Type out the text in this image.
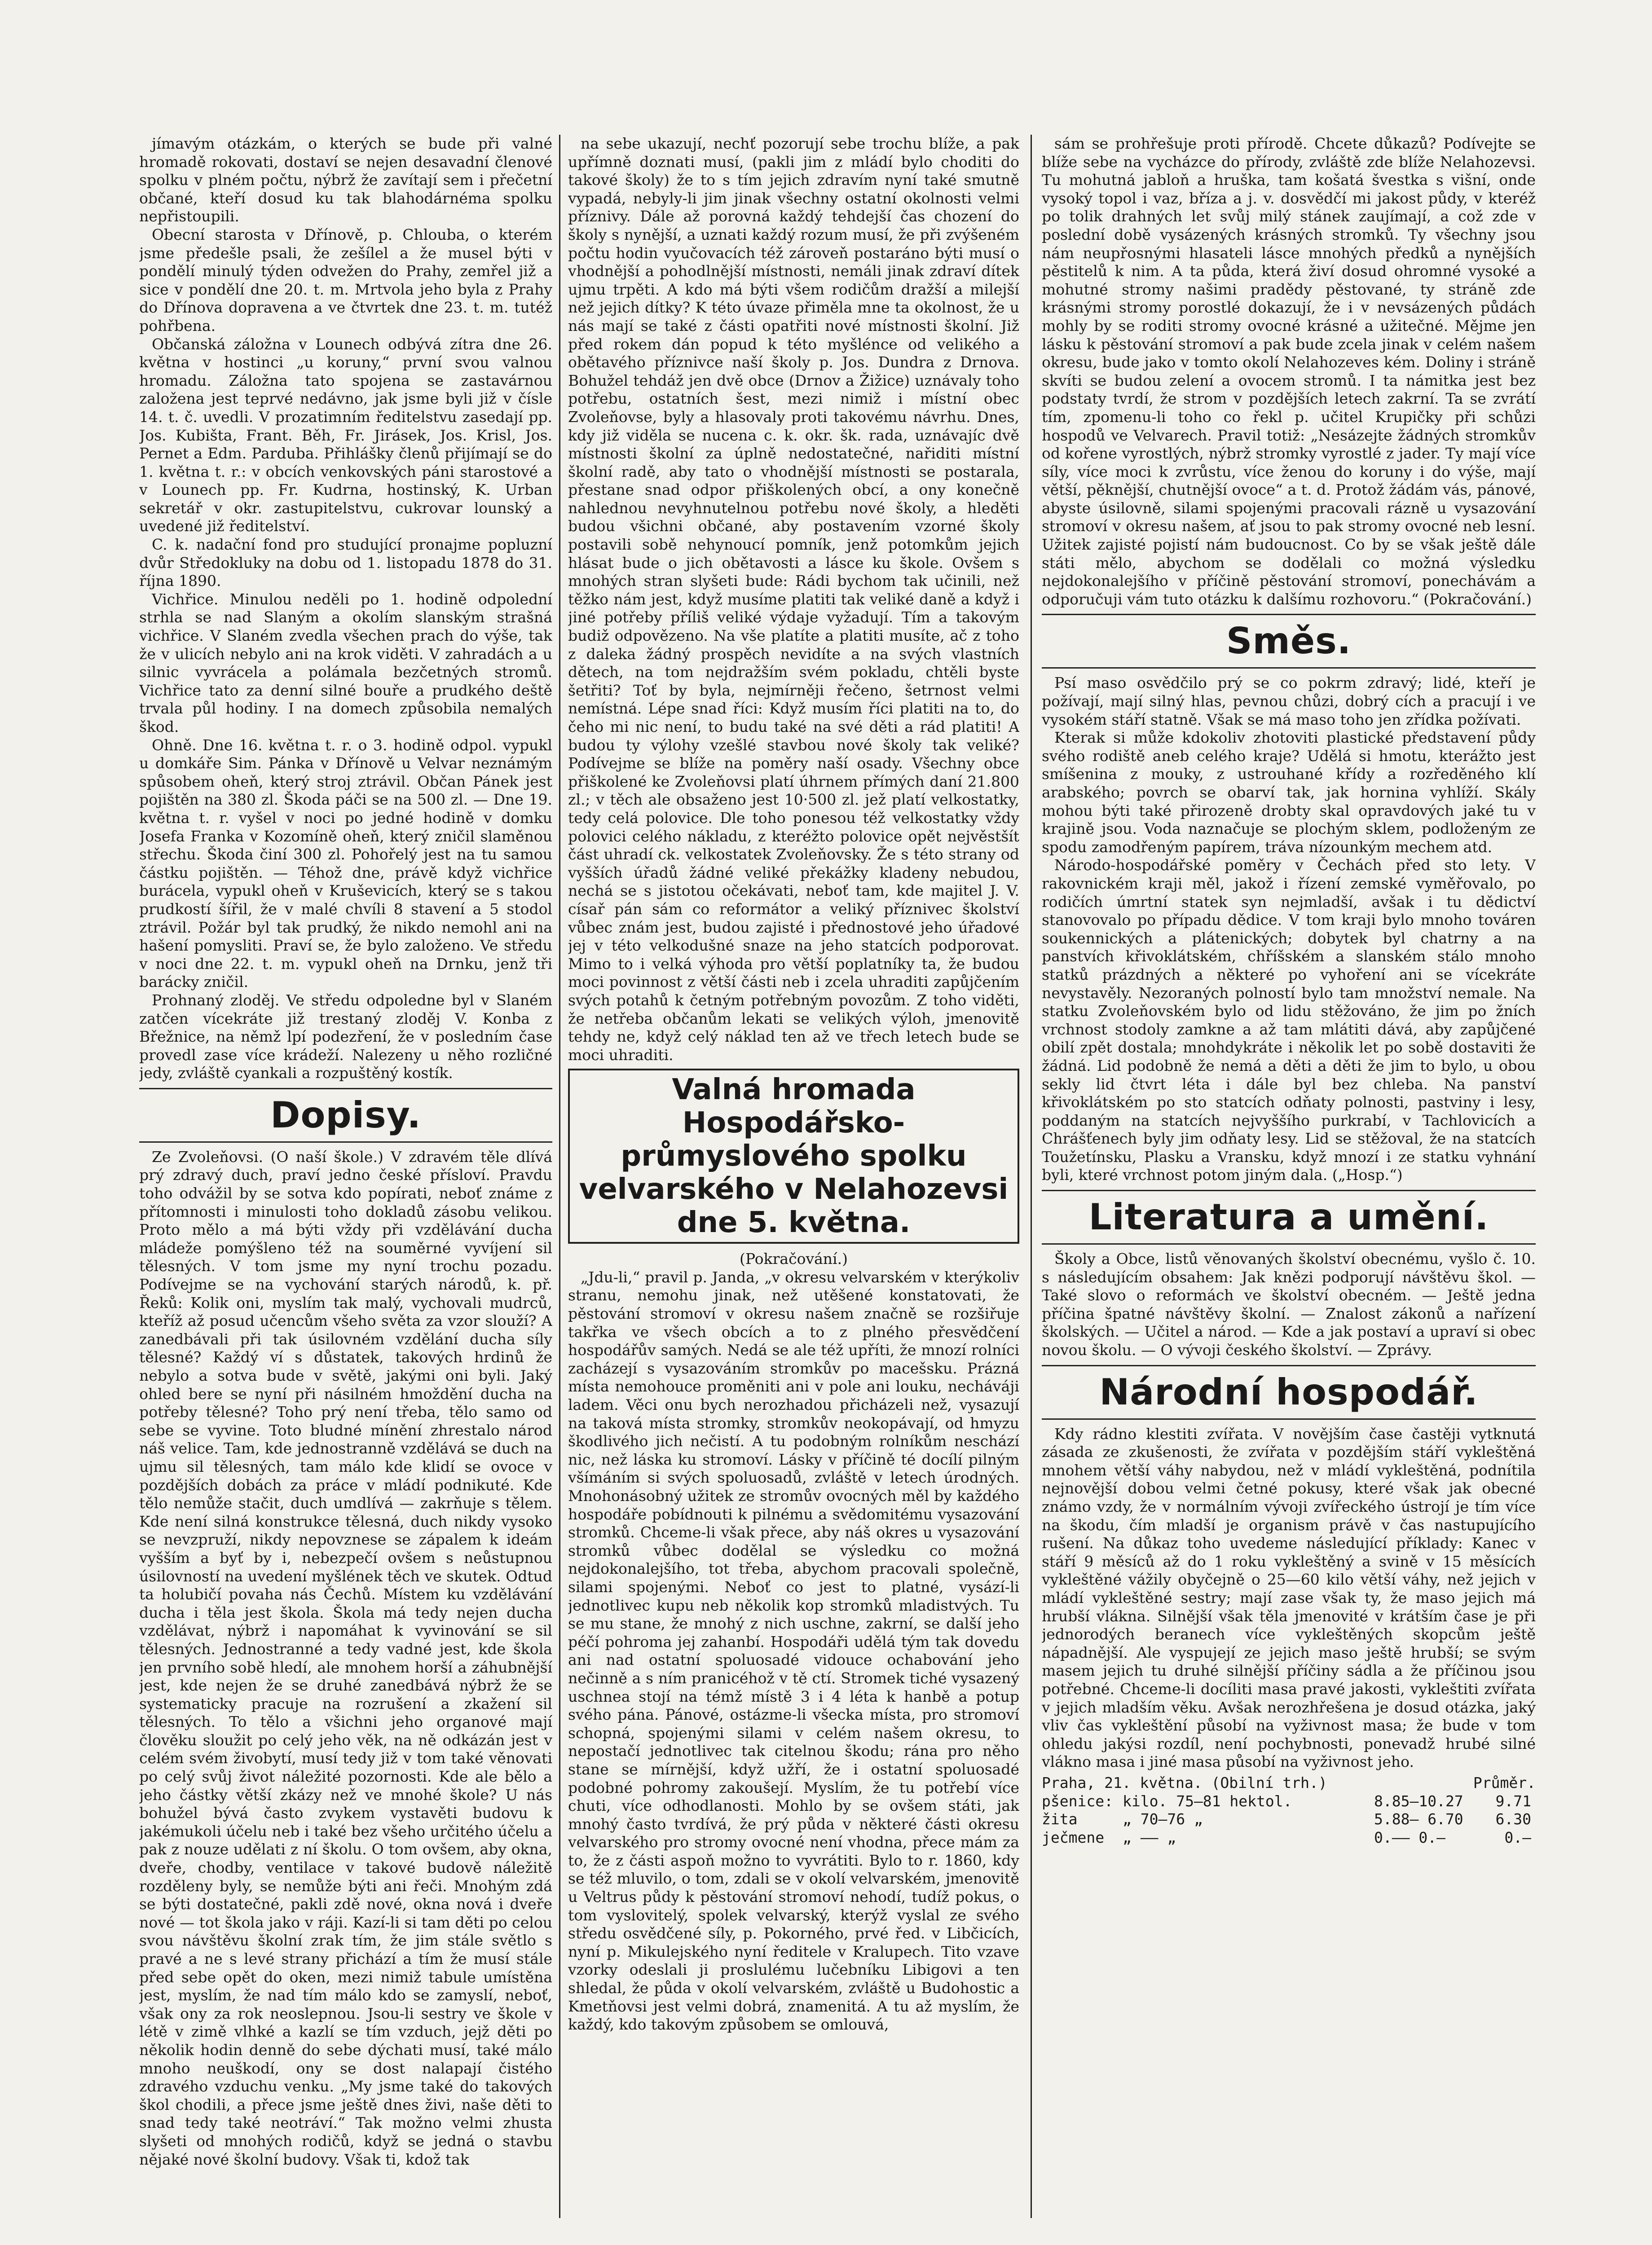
jímavým otázkám, o kterých se bude při valné hromadě rokovati, dostaví se nejen desavadní členové spolku v plném počtu, nýbrž že zavítají sem i přečetní občané, kteří dosud ku tak blahodárnéma spolku nepřistoupili.

Obecní starosta v Dřínově, p. Chlouba, o kterém jsme předešle psali, že zešílel a že musel býti v pondělí minulý týden odvežen do Prahy, zemřel již a sice v pondělí dne 20. t. m. Mrtvola jeho byla z Prahy do Dřínova dopravena a ve čtvrtek dne 23. t. m. tutéž pohřbena.

Občanská záložna v Lounech odbývá zítra dne 26. května v hostinci „u koruny,“ první svou valnou hromadu. Záložna tato spojena se zastavárnou založena jest teprvé nedávno, jak jsme byli již v čísle 14. t. č. uvedli. V prozatimním ředitelstvu zasedají pp. Jos. Kubišta, Frant. Běh, Fr. Jirásek, Jos. Krisl, Jos. Pernet a Edm. Parduba. Přihlášky členů přijímají se do 1. května t. r.: v obcích venkovských páni starostové a v Lounech pp. Fr. Kudrna, hostinský, K. Urban sekretář v okr. zastupitelstvu, cukrovar lounský a uvedené již ředitelství.

C. k. nadační fond pro studující pronajme popluzní dvůr Středokluky na dobu od 1. listopadu 1878 do 31. října 1890.

Vichřice. Minulou neděli po 1. hodině odpolední strhla se nad Slaným a okolím slanským strašná vichřice. V Slaném zvedla všechen prach do výše, tak že v ulicích nebylo ani na krok viděti. V zahradách a u silnic vyvrácela a polámala bezčetných stromů. Vichřice tato za denní silné bouře a prudkého deště trvala půl hodiny. I na domech způsobila nemalých škod.

Ohně. Dne 16. května t. r. o 3. hodině odpol. vypukl u domkáře Sim. Pánka v Dřínově u Velvar neznámým spůsobem oheň, který stroj ztrávil. Občan Pánek jest pojištěn na 380 zl. Škoda páči se na 500 zl. — Dne 19. května t. r. vyšel v noci po jedné hodině v domku Josefa Franka v Kozomíně oheň, který zničil slaměnou střechu. Škoda činí 300 zl. Pohořelý jest na tu samou částku pojištěn. — Téhož dne, právě když vichřice burácela, vypukl oheň v Kruševicích, který se s takou prudkostí šířil, že v malé chvíli 8 stavení a 5 stodol ztrávil. Požár byl tak prudký, že nikdo nemohl ani na hašení pomysliti. Praví se, že bylo založeno. Ve středu v noci dne 22. t. m. vypukl oheň na Drnku, jenž tři barácky zničil.

Prohnaný zloděj. Ve středu odpoledne byl v Slaném zatčen vícekráte již trestaný zloděj V. Konba z Břežnice, na němž lpí podezření, že v posledním čase provedl zase více krádeží. Nalezeny u něho rozličné jedy, zvláště cyankali a rozpuštěný kostík.

Dopisy.

Ze Zvoleňovsi. (O naší škole.) V zdravém těle dlívá prý zdravý duch, praví jedno české přísloví. Pravdu toho odvážil by se sotva kdo popírati, neboť známe z přítomnosti i minulosti toho dokladů zásobu velikou. Proto mělo a má býti vždy při vzdělávání ducha mládeže pomýšleno též na souměrné vyvíjení sil tělesných. V tom jsme my nyní trochu pozadu. Podívejme se na vychování starých národů, k. př. Řeků: Kolik oni, myslím tak malý, vychovali mudrců, kteříž až posud učencům všeho světa za vzor slouží? A zanedbávali při tak úsilovném vzdělání ducha síly tělesné? Každý ví s důstatek, takových hrdinů že nebylo a sotva bude v světě, jakými oni byli. Jaký ohled bere se nyní při násilném hmoždění ducha na potřeby tělesné? Toho prý není třeba, tělo samo od sebe se vyvine. Toto bludné mínění zhrestalo národ náš velice. Tam, kde jednostranně vzdělává se duch na ujmu sil tělesných, tam málo kde klidí se ovoce v pozdějších dobách za práce v mládí podnikuté. Kde tělo nemůže stačit, duch umdlívá — zakrňuje s tělem. Kde není silná konstrukce tělesná, duch nikdy vysoko se nevzpruží, nikdy nepovznese se zápalem k ideám vyšším a byť by i, nebezpečí ovšem s neůstupnou úsilovností na uvedení myšlének těch ve skutek. Odtud ta holubičí povaha nás Čechů. Místem ku vzdělávání ducha i těla jest škola. Škola má tedy nejen ducha vzdělávat, nýbrž i napomáhat k vyvinování se sil tělesných. Jednostranné a tedy vadné jest, kde škola jen prvního sobě hledí, ale mnohem horší a záhubnější jest, kde nejen že se druhé zanedbává nýbrž že se systematicky pracuje na rozrušení a zkažení sil tělesných. To tělo a všichni jeho organové mají člověku sloužit po celý jeho věk, na ně odkázán jest v celém svém živobytí, musí tedy již v tom také věnovati po celý svůj život náležité pozornosti. Kde ale bělo a jeho částky větší zkázy než ve mnohé škole? U nás bohužel bývá často zvykem vystavěti budovu k jakémukoli účelu neb i také bez všeho určitého účelu a pak z nouze udělati z ní školu. O tom ovšem, aby okna, dveře, chodby, ventilace v takové budově náležitě rozděleny byly, se nemůže býti ani řeči. Mnohým zdá se býti dostatečné, pakli zdě nové, okna nová i dveře nové — tot škola jako v ráji. Kazí-li si tam děti po celou svou návštěvu školní zrak tím, že jim stále světlo s pravé a ne s levé strany přichází a tím že musí stále před sebe opět do oken, mezi nimiž tabule umístěna jest, myslím, že nad tím málo kdo se zamyslí, neboť, však ony za rok neoslepnou. Jsou-li sestry ve škole v létě v zimě vlhké a kazlí se tím vzduch, jejž děti po několik hodin denně do sebe dýchati musí, také málo mnoho neuškodí, ony se dost nalapají čistého zdravého vzduchu venku. „My jsme také do takových škol chodili, a přece jsme ještě dnes živi, naše děti to snad tedy také neotráví.“ Tak možno velmi zhusta slyšeti od mnohých rodičů, když se jedná o stavbu nějaké nové školní budovy. Však ti, kdož tak

na sebe ukazují, nechť pozorují sebe trochu blíže, a pak upřímně doznati musí, (pakli jim z mládí bylo choditi do takové školy) že to s tím jejich zdravím nyní také smutně vypadá, nebyly-li jim jinak všechny ostatní okolnosti velmi příznivy. Dále až porovná každý tehdejší čas chození do školy s nynější, a uznati každý rozum musí, že při zvýšeném počtu hodin vyučovacích též zároveň postaráno býti musí o vhodnější a pohodlnější místnosti, nemáli jinak zdraví dítek ujmu trpěti. A kdo má býti všem rodičům dražší a milejší než jejich dítky? K této úvaze přiměla mne ta okolnost, že u nás mají se také z části opatřiti nové místnosti školní. Již před rokem dán popud k této myšlénce od velikého a obětavého příznivce naší školy p. Jos. Dundra z Drnova. Bohužel tehdáž jen dvě obce (Drnov a Žižice) uznávaly toho potřebu, ostatních šest, mezi nimiž i místní obec Zvoleňovse, byly a hlasovaly proti takovému návrhu. Dnes, kdy již viděla se nucena c. k. okr. šk. rada, uznávajíc dvě místnosti školní za úplně nedostatečné, nařiditi místní školní radě, aby tato o vhodnější místnosti se postarala, přestane snad odpor přiškolených obcí, a ony konečně nahlednou nevyhnutelnou potřebu nové školy, a hleděti budou všichni občané, aby postavením vzorné školy postavili sobě nehynoucí pomník, jenž potomkům jejich hlásat bude o jich obětavosti a lásce ku škole. Ovšem s mnohých stran slyšeti bude: Rádi bychom tak učinili, než těžko nám jest, když musíme platiti tak veliké daně a když i jiné potřeby příliš veliké výdaje vyžadují. Tím a takovým budiž odpovězeno. Na vše platíte a platiti musíte, ač z toho z daleka žádný prospěch nevidíte a na svých vlastních dětech, na tom nejdražším svém pokladu, chtěli byste šetřiti? Toť by byla, nejmírněji řečeno, šetrnost velmi nemístná. Lépe snad říci: Když musím říci platiti na to, do čeho mi nic není, to budu také na své děti a rád platiti! A budou ty výlohy vzešlé stavbou nové školy tak veliké? Podívejme se blíže na poměry naší osady. Všechny obce přiškolené ke Zvoleňovsi platí úhrnem přímých daní 21.800 zl.; v těch ale obsaženo jest 10·500 zl. jež platí velkostatky, tedy celá polovice. Dle toho ponesou též velkostatky vždy polovici celého nákladu, z kteréžto polovice opět nejvěstšít část uhradí ck. velkostatek Zvoleňovsky. Že s této strany od vyšších úřadů žádné veliké překážky kladeny nebudou, nechá se s jistotou očekávati, neboť tam, kde majitel J. V. císař pán sám co reformátor a veliký příznivec školství vůbec znám jest, budou zajisté i přednostové jeho úřadové jej v této velkodušné snaze na jeho statcích podporovat. Mimo to i velká výhoda pro větší poplatníky ta, že budou moci povinnost z větší části neb i zcela uhraditi zapůjčením svých potahů k četným potřebným povozům. Z toho viděti, že netřeba občanům lekati se velikých výloh, jmenovitě tehdy ne, když celý náklad ten až ve třech letech bude se moci uhraditi.

Valná hromada Hospodářsko-průmyslového spolku velvarského v Nelahozevsi dne 5. května.

(Pokračování.)

„Jdu-li,“ pravil p. Janda, „v okresu velvarském v kterýkoliv stranu, nemohu jinak, než utěšené konstatovati, že pěstování stromoví v okresu našem značně se rozšiřuje takřka ve všech obcích a to z plného přesvědčení hospodářův samých. Nedá se ale též upříti, že mnozí rolníci zacházejí s vysazováním stromkův po macešsku. Prázná místa nemohouce proměniti ani v pole ani louku, necháváji ladem. Věci onu bych nerozhadou přicházeli než, vysazují na taková místa stromky, stromkův neokopávají, od hmyzu škodlivého jich nečistí. A tu podobným rolníkům neschází nic, než láska ku stromoví. Lásky v příčině té docílí pilným všímáním si svých spoluosadů, zvláště v letech úrodných. Mnohonásobný užitek ze stromův ovocných měl by každého hospodáře pobídnouti k pilnému a svědomitému vysazování stromků. Chceme-li však přece, aby náš okres u vysazování stromků vůbec dodělal se výsledku co možná nejdokonalejšího, tot třeba, abychom pracovali společně, silami spojenými. Neboť co jest to platné, vysází-li jednotlivec kupu neb několik kop stromků mladistvých. Tu se mu stane, že mnohý z nich uschne, zakrní, se další jeho péčí pohroma jej zahanbí. Hospodáři udělá tým tak dovedu ani nad ostatní spoluosadé vidouce ochabování jeho nečinně a s ním pranicéhož v tě ctí. Stromek tiché vysazený uschnea stojí na témž místě 3 i 4 léta k hanbě a potup svého pána. Pánové, ostázme-li všecka místa, pro stromoví schopná, spojenými silami v celém našem okresu, to nepostačí jednotlivec tak citelnou škodu; rána pro něho stane se mírnější, když užří, že i ostatní spoluosadé podobné pohromy zakoušejí. Myslím, že tu potřebí více chuti, více odhodlanosti. Mohlo by se ovšem státi, jak mnohý často tvrdívá, že prý půda v některé části okresu velvarského pro stromy ovocné není vhodna, přece mám za to, že z části aspoň možno to vyvrátiti. Bylo to r. 1860, kdy se též mluvilo, o tom, zdali se v okolí velvarském, jmenovitě u Veltrus půdy k pěstování stromoví nehodí, tudíž pokus, o tom vyslovitelý, spolek velvarský, kterýž vyslal ze svého středu osvědčené síly, p. Pokorného, prvé řed. v Libčicích, nyní p. Mikulejského nyní ředitele v Kralupech. Tito vzave vzorky odeslali ji proslulému lučebníku Libigovi a ten shledal, že půda v okolí velvarském, zvláště u Budohostic a Kmetňovsi jest velmi dobrá, znamenitá. A tu až myslím, že každý, kdo takovým způsobem se omlouvá,

sám se prohřešuje proti přírodě. Chcete důkazů? Podívejte se blíže sebe na vycházce do přírody, zvláště zde blíže Nelahozevsi. Tu mohutná jabloň a hruška, tam košatá švestka s višní, onde vysoký topol i vaz, bříza a j. v. dosvědčí mi jakost půdy, v kteréž po tolik drahných let svůj milý stánek zaujímají, a což zde v poslední době vysázených krásných stromků. Ty všechny jsou nám neupřosnými hlasateli lásce mnohých předků a nynějších pěstitelů k nim. A ta půda, která živí dosud ohromné vysoké a mohutné stromy našimi pradědy pěstované, ty stráně zde krásnými stromy porostlé dokazují, že i v nevsázených půdách mohly by se roditi stromy ovocné krásné a užitečné. Mějme jen lásku k pěstování stromoví a pak bude zcela jinak v celém našem okresu, bude jako v tomto okolí Nelahozeves kém. Doliny i stráně skvíti se budou zelení a ovocem stromů. I ta námitka jest bez podstaty tvrdí, že strom v pozdějších letech zakrní. Ta se zvrátí tím, zpomenu-li toho co řekl p. učitel Krupičky při schůzi hospodů ve Velvarech. Pravil totiž: „Nesázejte žádných stromkův od kořene vyrostlých, nýbrž stromky vyrostlé z jader. Ty mají více síly, více moci k zvrůstu, více ženou do koruny i do výše, mají větší, pěknější, chutnější ovoce“ a t. d. Protož žádám vás, pánové, abyste úsilovně, silami spojenými pracovali rázně u vysazování stromoví v okresu našem, ať jsou to pak stromy ovocné neb lesní. Užitek zajisté pojistí nám budoucnost. Co by se však ještě dále státi mělo, abychom se dodělali co možná výsledku nejdokonalejšího v příčině pěstování stromoví, ponechávám a odporučuji vám tuto otázku k dalšímu rozhovoru.“ (Pokračování.)

Směs.

Psí maso osvědčilo prý se co pokrm zdravý; lidé, kteří je požívají, mají silný hlas, pevnou chůzi, dobrý cích a pracují i ve vysokém stáří statně. Však se má maso toho jen zřídka požívati.

Kterak si může kdokoliv zhotoviti plastické představení půdy svého rodiště aneb celého kraje? Udělá si hmotu, kterážto jest smíšenina z mouky, z ustrouhané křídy a rozředěného klí arabského; povrch se obarví tak, jak hornina vyhlíží. Skály mohou býti také přirozeně drobty skal opravdových jaké tu v krajině jsou. Voda naznačuje se plochým sklem, podloženým ze spodu zamodřeným papírem, tráva nízounkým mechem atd.

Národo-hospodářské poměry v Čechách před sto lety. V rakovnickém kraji měl, jakož i řízení zemské vyměřovalo, po rodičích úmrtní statek syn nejmladší, avšak i tu dědictví stanovovalo po případu dědice. V tom kraji bylo mnoho továren soukennických a plátenických; dobytek byl chatrny a na panstvích křivoklátském, chříšském a slanském stálo mnoho statků prázdných a některé po vyhoření ani se vícekráte nevystavěly. Nezoraných polností bylo tam množství nemale. Na statku Zvoleňovském bylo od lidu stěžováno, že jim po žních vrchnost stodoly zamkne a až tam mlátiti dává, aby zapůjčené obilí zpět dostala; mnohdykráte i několik let po sobě dostaviti že žádná. Lid podobně že nemá a děti a děti že jim to bylo, u obou sekly lid čtvrt léta i dále byl bez chleba. Na panství křivoklátském po sto statcích odňaty polnosti, pastviny i lesy, poddaným na statcích nejvyššího purkrabí, v Tachlovicích a Chrášťenech byly jim odňaty lesy. Lid se stěžoval, že na statcích Toužetínsku, Plasku a Vransku, když mnozí i ze statku vyhnání byli, které vrchnost potom jiným dala. („Hosp.“)

Literatura a umění.

Školy a Obce, listů věnovaných školství obecnému, vyšlo č. 10. s následujícím obsahem: Jak knězi podporují návštěvu škol. — Také slovo o reformách ve školství obecném. — Ještě jedna příčina špatné návštěvy školní. — Znalost zákonů a nařízení školských. — Učitel a národ. — Kde a jak postaví a upraví si obec novou školu. — O vývoji českého školství. — Zprávy.

Národní hospodář.

Kdy rádno klestiti zvířata. V novějším čase častěji vytknutá zásada ze zkušenosti, že zvířata v pozdějším stáří vykleštěná mnohem větší váhy nabydou, než v mládí vykleštěná, podnítila nejnovější dobou velmi četné pokusy, které však jak obecné známo vzdy, že v normálním vývoji zvířeckého ústrojí je tím více na škodu, čím mladší je organism právě v čas nastupujícího rušení. Na důkaz toho uvedeme následující příklady: Kanec v stáří 9 měsíců až do 1 roku vykleštěný a svině v 15 měsících vykleštěné vážily obyčejně o 25—60 kilo větší váhy, než jejich v mládí vykleštěné sestry; mají zase však ty, že maso jejich má hrubší vlákna. Silnější však těla jmenovité v krátším čase je při jednorodých beranech více vykleštěných skopcům ještě nápadnější. Ale vyspujejí ze jejich maso ještě hrubší; se svým masem jejich tu druhé silnější příčiny sádla a že příčinou jsou potřebné. Chceme-li docíliti masa pravé jakosti, vykleštiti zvířata v jejich mladším věku. Avšak nerozhřešena je dosud otázka, jaký vliv čas vykleštění působí na vyživnost masa; že bude v tom ohledu jakýsi rozdíl, není pochybnosti, ponevadž hrubé silné vlákno masa i jiné masa působí na vyživnost jeho.

Praha, 21. května. (Obilní trh.)	Průměr.
pšenice: kilo. 75—81 hektol.	8.85—10.27	9.71
žita	„ 70—76 „	5.88— 6.70	6.30
ječmene	„ —— „	0.—— 0.—	0.—
